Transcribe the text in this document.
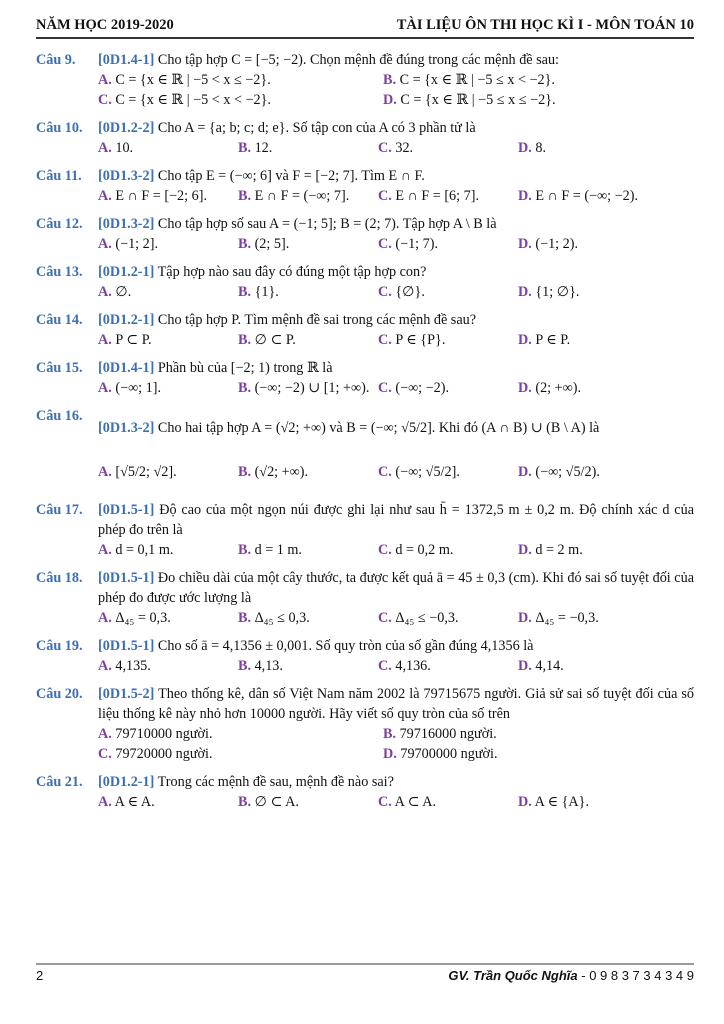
NĂM HỌC 2019-2020	TÀI LIỆU ÔN THI HỌC KÌ I - MÔN TOÁN 10
Câu 9.	[0D1.4-1] Cho tập hợp C = [−5; −2). Chọn mệnh đề đúng trong các mệnh đề sau:
A. C = {x ∈ ℝ | −5 < x ≤ −2}.	B. C = {x ∈ ℝ | −5 ≤ x < −2}.
C. C = {x ∈ ℝ | −5 < x < −2}.	D. C = {x ∈ ℝ | −5 ≤ x ≤ −2}.
Câu 10.	[0D1.2-2] Cho A = {a; b; c; d; e}. Số tập con của A có 3 phần tử là
A. 10.	B. 12.	C. 32.	D. 8.
Câu 11.	[0D1.3-2] Cho tập E = (−∞; 6] và F = [−2; 7]. Tìm E ∩ F.
A. E ∩ F = [−2; 6].	B. E ∩ F = (−∞; 7].	C. E ∩ F = [6; 7].	D. E ∩ F = (−∞; −2).
Câu 12.	[0D1.3-2] Cho tập hợp số sau A = (−1; 5]; B = (2; 7). Tập hợp A \ B là
A. (−1; 2].	B. (2; 5].	C. (−1; 7).	D. (−1; 2).
Câu 13.	[0D1.2-1] Tập hợp nào sau đây có đúng một tập hợp con?
A. ∅.	B. {1}.	C. {∅}.	D. {1; ∅}.
Câu 14.	[0D1.2-1] Cho tập hợp P. Tìm mệnh đề sai trong các mệnh đề sau?
A. P ⊂ P.	B. ∅ ⊂ P.	C. P ∈ {P}.	D. P ∈ P.
Câu 15.	[0D1.4-1] Phần bù của [−2; 1) trong ℝ là
A. (−∞; 1].	B. (−∞; −2) ∪ [1; +∞). C. (−∞; −2).	D. (2; +∞).
Câu 16.
[0D1.3-2] Cho hai tập hợp A = (√2; +∞) và B = (−∞; √5/2]. Khi đó (A ∩ B) ∪ (B \ A) là
A. [√5/2; √2].	B. (√2; +∞).	C. (−∞; √5/2].	D. (−∞; √5/2).
Câu 17.	[0D1.5-1] Độ cao của một ngọn núi được ghi lại như sau h̄ = 1372,5 m ± 0,2 m. Độ chính xác d của phép đo trên là
A. d = 0,1 m.	B. d = 1 m.	C. d = 0,2 m.	D. d = 2 m.
Câu 18.	[0D1.5-1] Đo chiều dài của một cây thước, ta được kết quả ā = 45 ± 0,3 (cm). Khi đó sai số tuyệt đối của phép đo được ước lượng là
A. Δ₄₅ = 0,3.	B. Δ₄₅ ≤ 0,3.	C. Δ₄₅ ≤ −0,3.	D. Δ₄₅ = −0,3.
Câu 19.	[0D1.5-1] Cho số ā = 4,1356 ± 0,001. Số quy tròn của số gần đúng 4,1356 là
A. 4,135.	B. 4,13.	C. 4,136.	D. 4,14.
Câu 20.	[0D1.5-2] Theo thống kê, dân số Việt Nam năm 2002 là 79715675 người. Giả sử sai số tuyệt đối của số liệu thống kê này nhỏ hơn 10000 người. Hãy viết số quy tròn của số trên
A. 79710000 người.	B. 79716000 người.
C. 79720000 người.	D. 79700000 người.
Câu 21.	[0D1.2-1] Trong các mệnh đề sau, mệnh đề nào sai?
A. A ∈ A.	B. ∅ ⊂ A.	C. A ⊂ A.	D. A ∈ {A}.
2	GV. Trần Quốc Nghĩa - 0 9 8 3 7 3 4 3 4 9
